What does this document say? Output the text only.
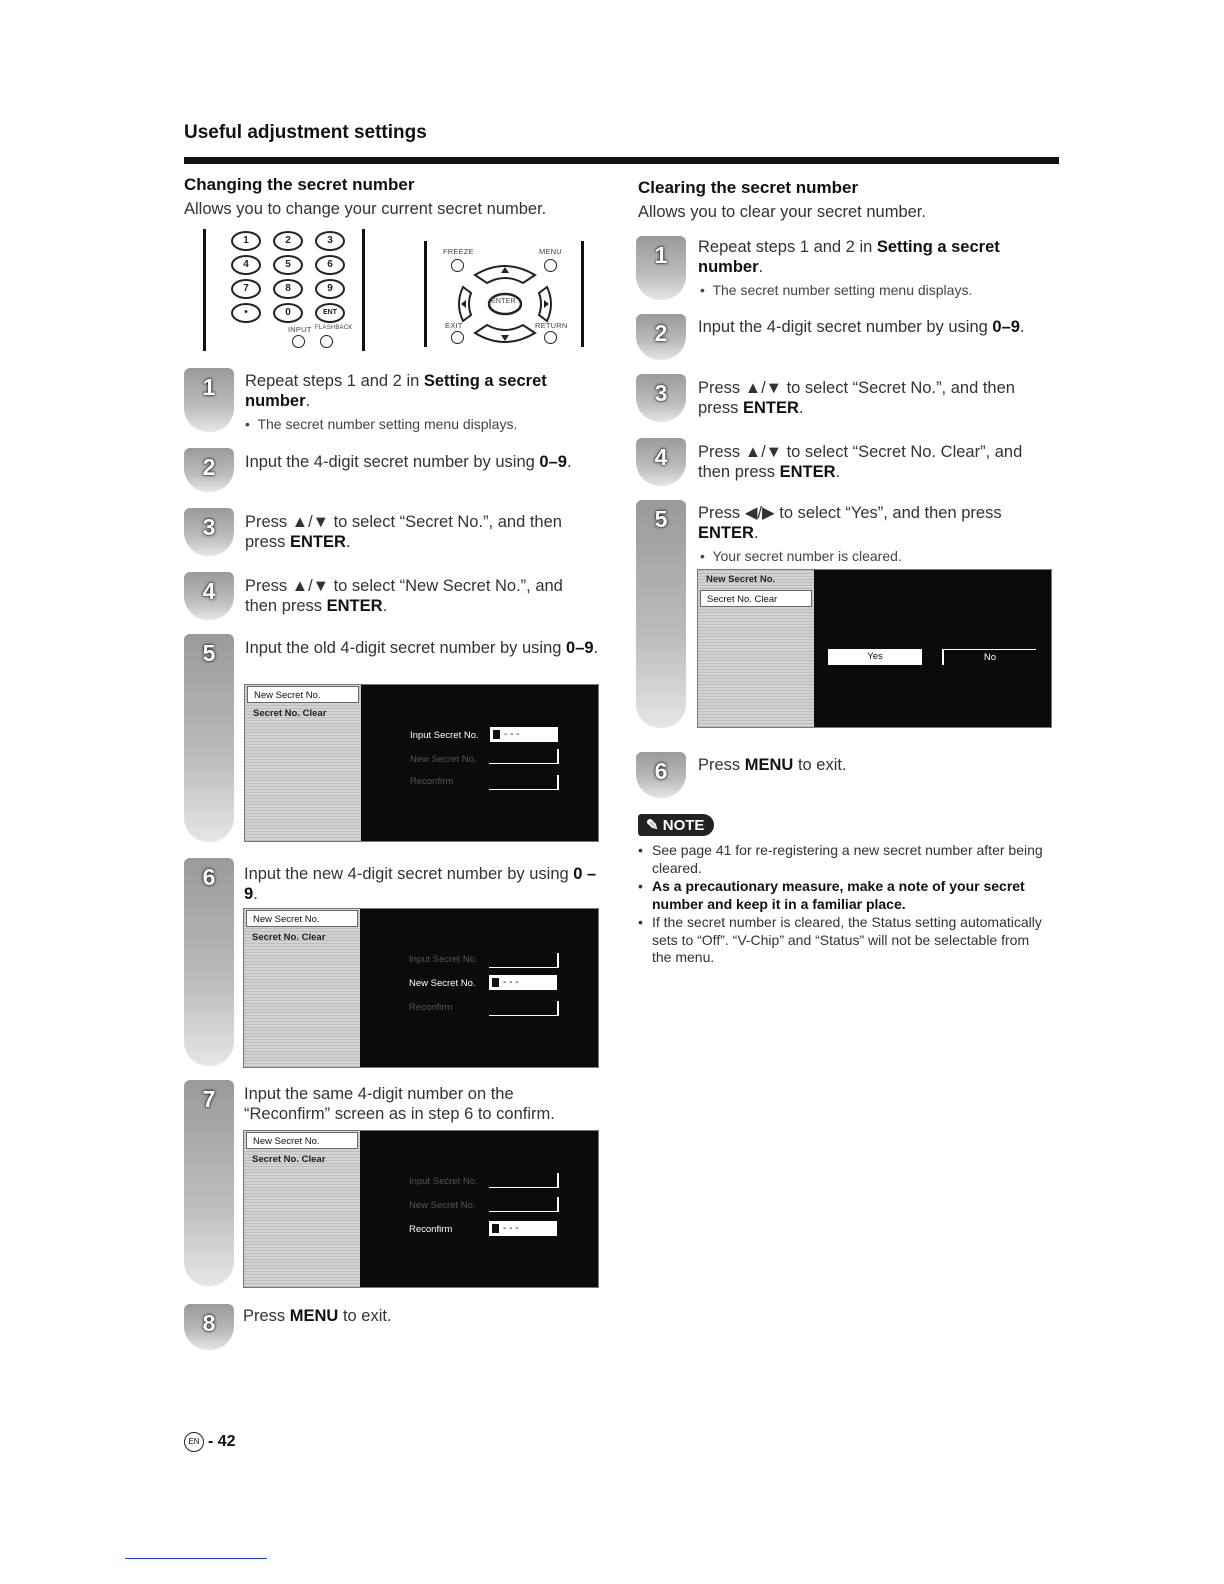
Useful adjustment settings
Changing the secret number
Allows you to change your current secret number.
1	2	3
4	5	6
7	8	9
•	0	ENT
INPUT FLASHBACK
FREEZE	MENU
ENTER
EXIT	RETURN
1	Repeat steps 1 and 2 in Setting a secret number.
•  The secret number setting menu displays.
2	Input the 4-digit secret number by using 0–9.
3	Press ▲/▼ to select “Secret No.”, and then press ENTER.
4	Press ▲/▼ to select “New Secret No.”, and then press ENTER.
5	Input the old 4-digit secret number by using 0–9.
New Secret No.
Secret No. Clear
Input Secret No.	- - -
New Secret No.
Reconfirm
6	Input the new 4-digit secret number by using 0 –9.
New Secret No.
Secret No. Clear
Input Secret No.
New Secret No.	- - -
Reconfirm
7	Input the same 4-digit number on the “Reconfirm” screen as in step 6 to confirm.
New Secret No.
Secret No. Clear
Input Secret No.
New Secret No.
Reconfirm	- - -
8	Press MENU to exit.
Clearing the secret number
Allows you to clear your secret number.
1	Repeat steps 1 and 2 in Setting a secret number.
•  The secret number setting menu displays.
2	Input the 4-digit secret number by using 0–9.
3	Press ▲/▼ to select “Secret No.”, and then press ENTER.
4	Press ▲/▼ to select “Secret No. Clear”, and then press ENTER.
5	Press ◀/▶ to select “Yes”, and then press ENTER.
•  Your secret number is cleared.
New Secret No.
Secret No. Clear
Yes	No
6	Press MENU to exit.
✎ NOTE
• See page 41 for re-registering a new secret number after being cleared.
• As a precautionary measure, make a note of your secret number and keep it in a familiar place.
• If the secret number is cleared, the Status setting automatically sets to “Off”. “V-Chip” and “Status” will not be selectable from the menu.
EN - 42
